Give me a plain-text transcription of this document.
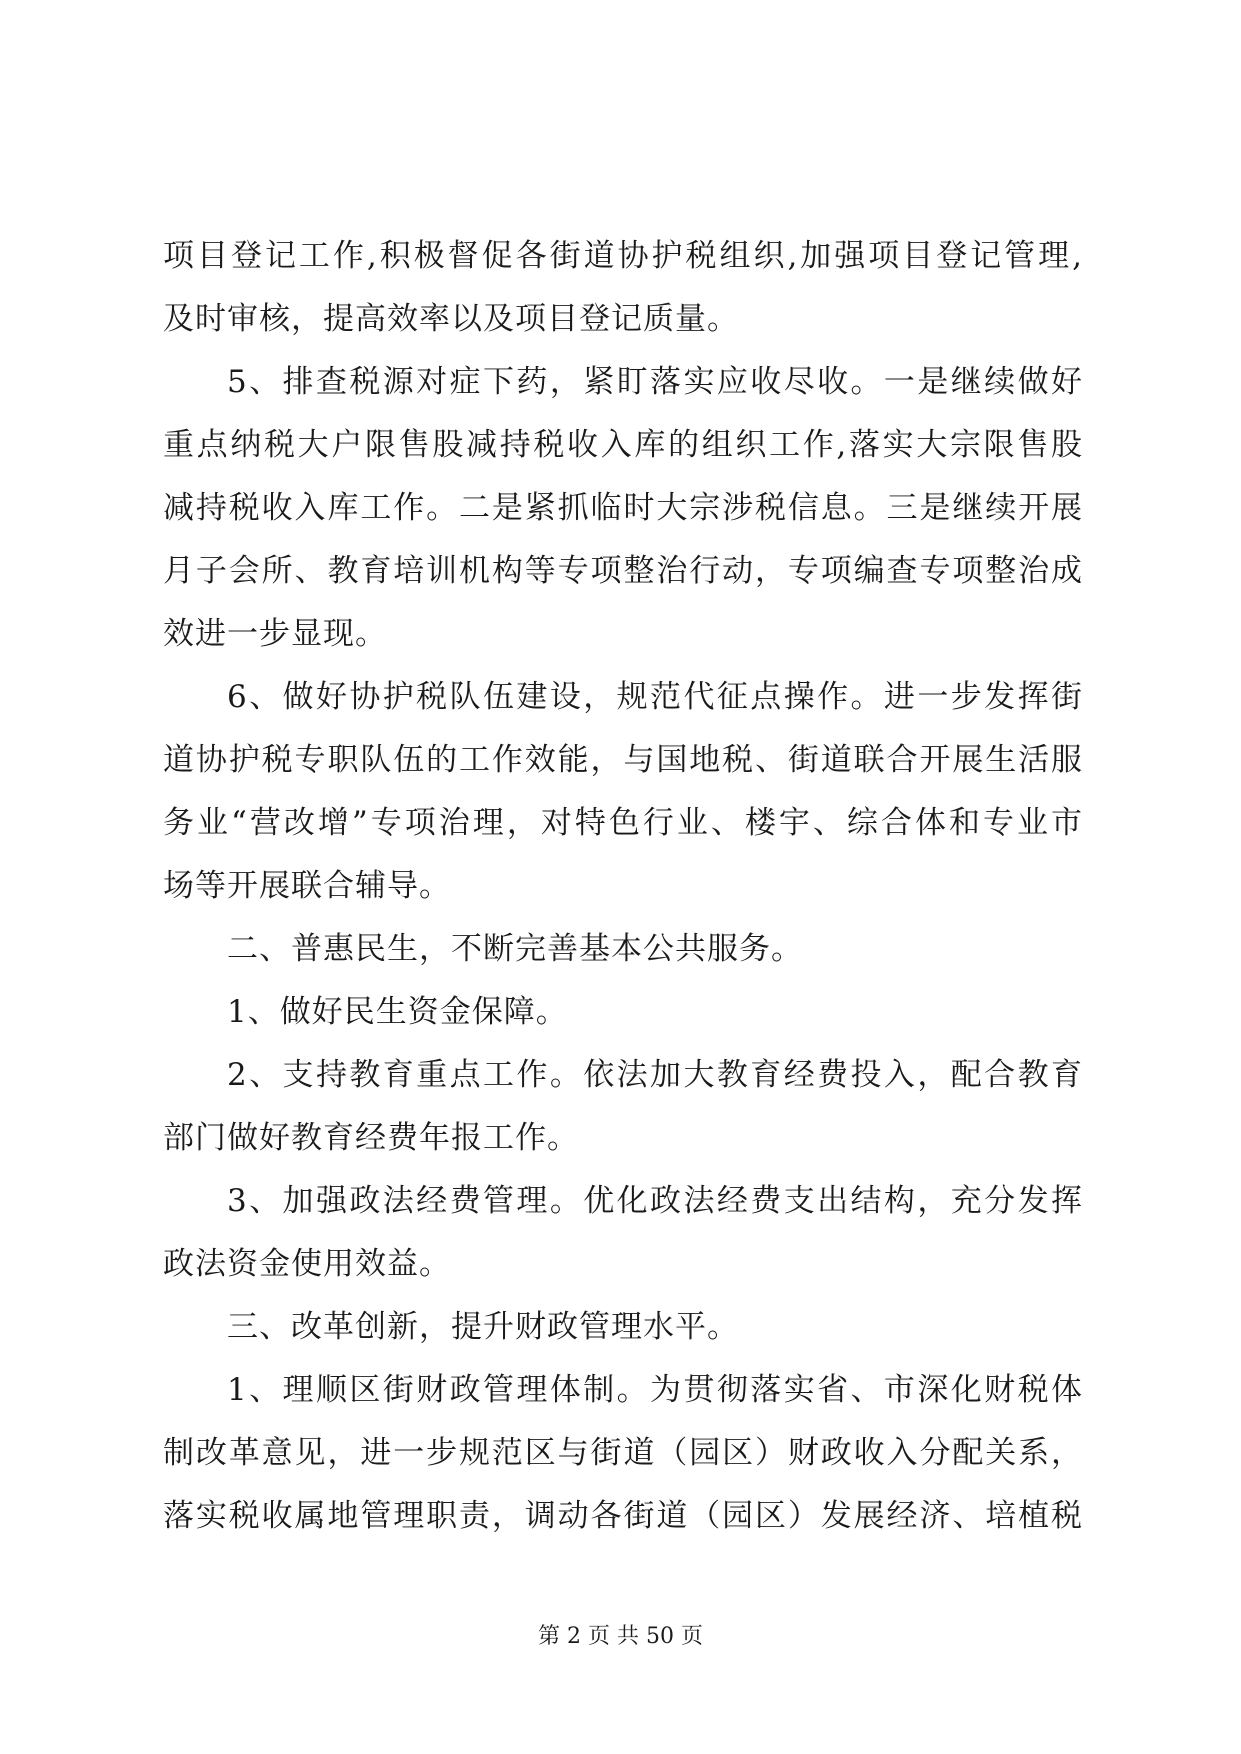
项目登记工作,积极督促各街道协护税组织,加强项目登记管理,
及时审核，提高效率以及项目登记质量。
5、排查税源对症下药，紧盯落实应收尽收。一是继续做好
重点纳税大户限售股减持税收入库的组织工作,落实大宗限售股
减持税收入库工作。二是紧抓临时大宗涉税信息。三是继续开展
月子会所、教育培训机构等专项整治行动，专项编查专项整治成
效进一步显现。
6、做好协护税队伍建设，规范代征点操作。进一步发挥街
道协护税专职队伍的工作效能，与国地税、街道联合开展生活服
务业“营改增”专项治理，对特色行业、楼宇、综合体和专业市
场等开展联合辅导。
二、普惠民生，不断完善基本公共服务。
1、做好民生资金保障。
2、支持教育重点工作。依法加大教育经费投入，配合教育
部门做好教育经费年报工作。
3、加强政法经费管理。优化政法经费支出结构，充分发挥
政法资金使用效益。
三、改革创新，提升财政管理水平。
1、理顺区街财政管理体制。为贯彻落实省、市深化财税体
制改革意见，进一步规范区与街道（园区）财政收入分配关系，
落实税收属地管理职责，调动各街道（园区）发展经济、培植税
第 2 页 共 50 页
